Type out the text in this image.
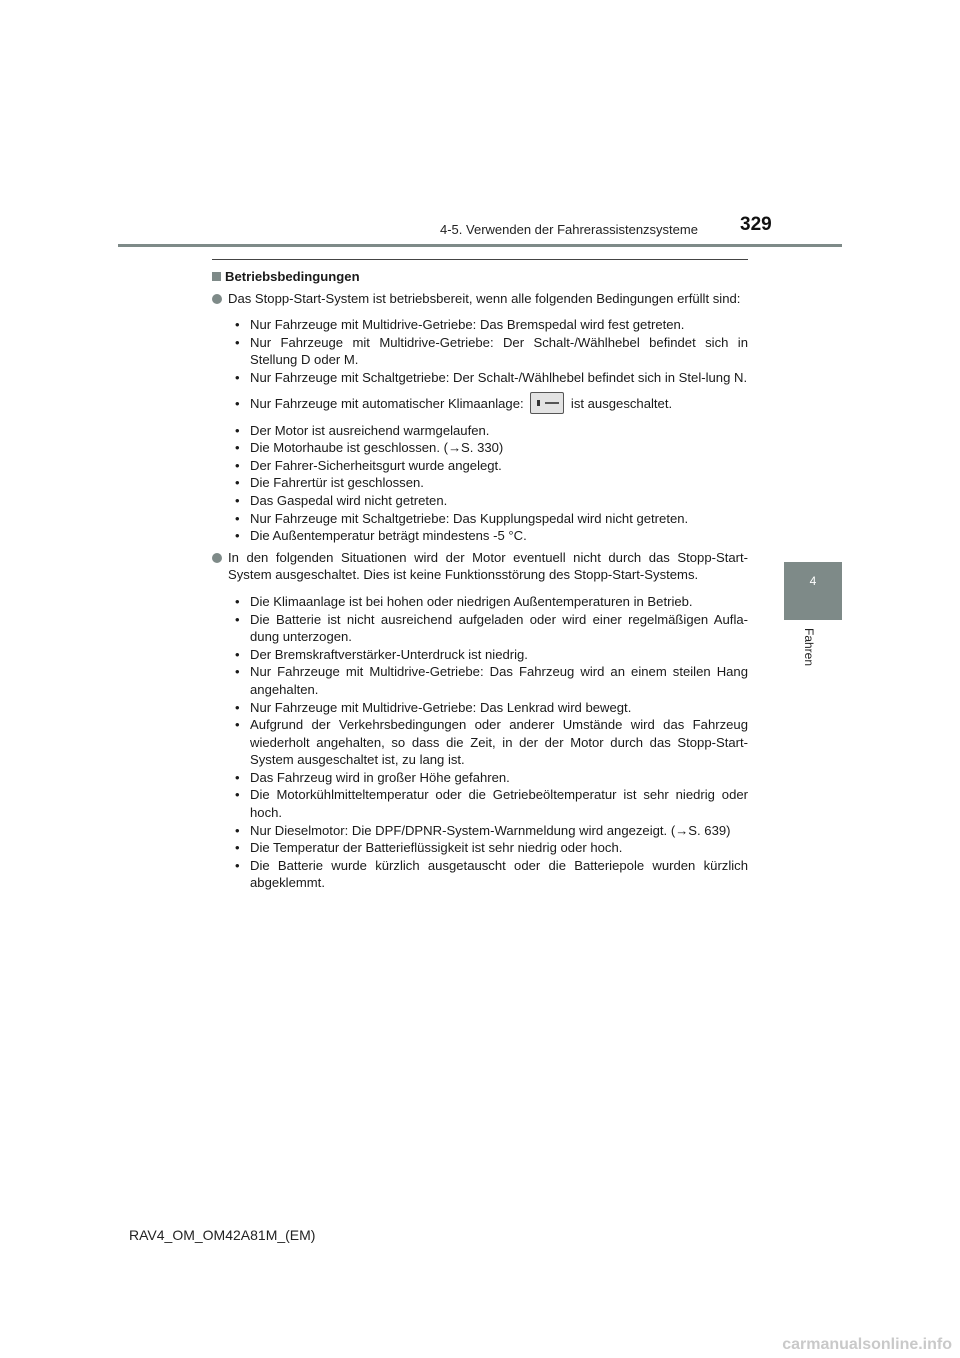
4-5. Verwenden der Fahrerassistenzsysteme 329
4
Fahren
Betriebsbedingungen
Das Stopp-Start-System ist betriebsbereit, wenn alle folgenden Bedingungen erfüllt sind:
• Nur Fahrzeuge mit Multidrive-Getriebe: Das Bremspedal wird fest getreten.
• Nur Fahrzeuge mit Multidrive-Getriebe: Der Schalt-/Wählhebel befindet sich in Stellung D oder M.
• Nur Fahrzeuge mit Schaltgetriebe: Der Schalt-/Wählhebel befindet sich in Stel-lung N.
• Nur Fahrzeuge mit automatischer Klimaanlage:	ist ausgeschaltet.
• Der Motor ist ausreichend warmgelaufen.
• Die Motorhaube ist geschlossen. (→S. 330)
• Der Fahrer-Sicherheitsgurt wurde angelegt.
• Die Fahrertür ist geschlossen.
• Das Gaspedal wird nicht getreten.
• Nur Fahrzeuge mit Schaltgetriebe: Das Kupplungspedal wird nicht getreten.
• Die Außentemperatur beträgt mindestens -5 °C.
In den folgenden Situationen wird der Motor eventuell nicht durch das Stopp-Start-System ausgeschaltet. Dies ist keine Funktionsstörung des Stopp-Start-Systems.
• Die Klimaanlage ist bei hohen oder niedrigen Außentemperaturen in Betrieb.
• Die Batterie ist nicht ausreichend aufgeladen oder wird einer regelmäßigen Aufla-dung unterzogen.
• Der Bremskraftverstärker-Unterdruck ist niedrig.
• Nur Fahrzeuge mit Multidrive-Getriebe: Das Fahrzeug wird an einem steilen Hang angehalten.
• Nur Fahrzeuge mit Multidrive-Getriebe: Das Lenkrad wird bewegt.
• Aufgrund der Verkehrsbedingungen oder anderer Umstände wird das Fahrzeug wiederholt angehalten, so dass die Zeit, in der der Motor durch das Stopp-Start-System ausgeschaltet ist, zu lang ist.
• Das Fahrzeug wird in großer Höhe gefahren.
• Die Motorkühlmitteltemperatur oder die Getriebeöltemperatur ist sehr niedrig oder hoch.
• Nur Dieselmotor: Die DPF/DPNR-System-Warnmeldung wird angezeigt. (→S. 639)
• Die Temperatur der Batterieflüssigkeit ist sehr niedrig oder hoch.
• Die Batterie wurde kürzlich ausgetauscht oder die Batteriepole wurden kürzlich abgeklemmt.
RAV4_OM_OM42A81M_(EM)
carmanualsonline.info
